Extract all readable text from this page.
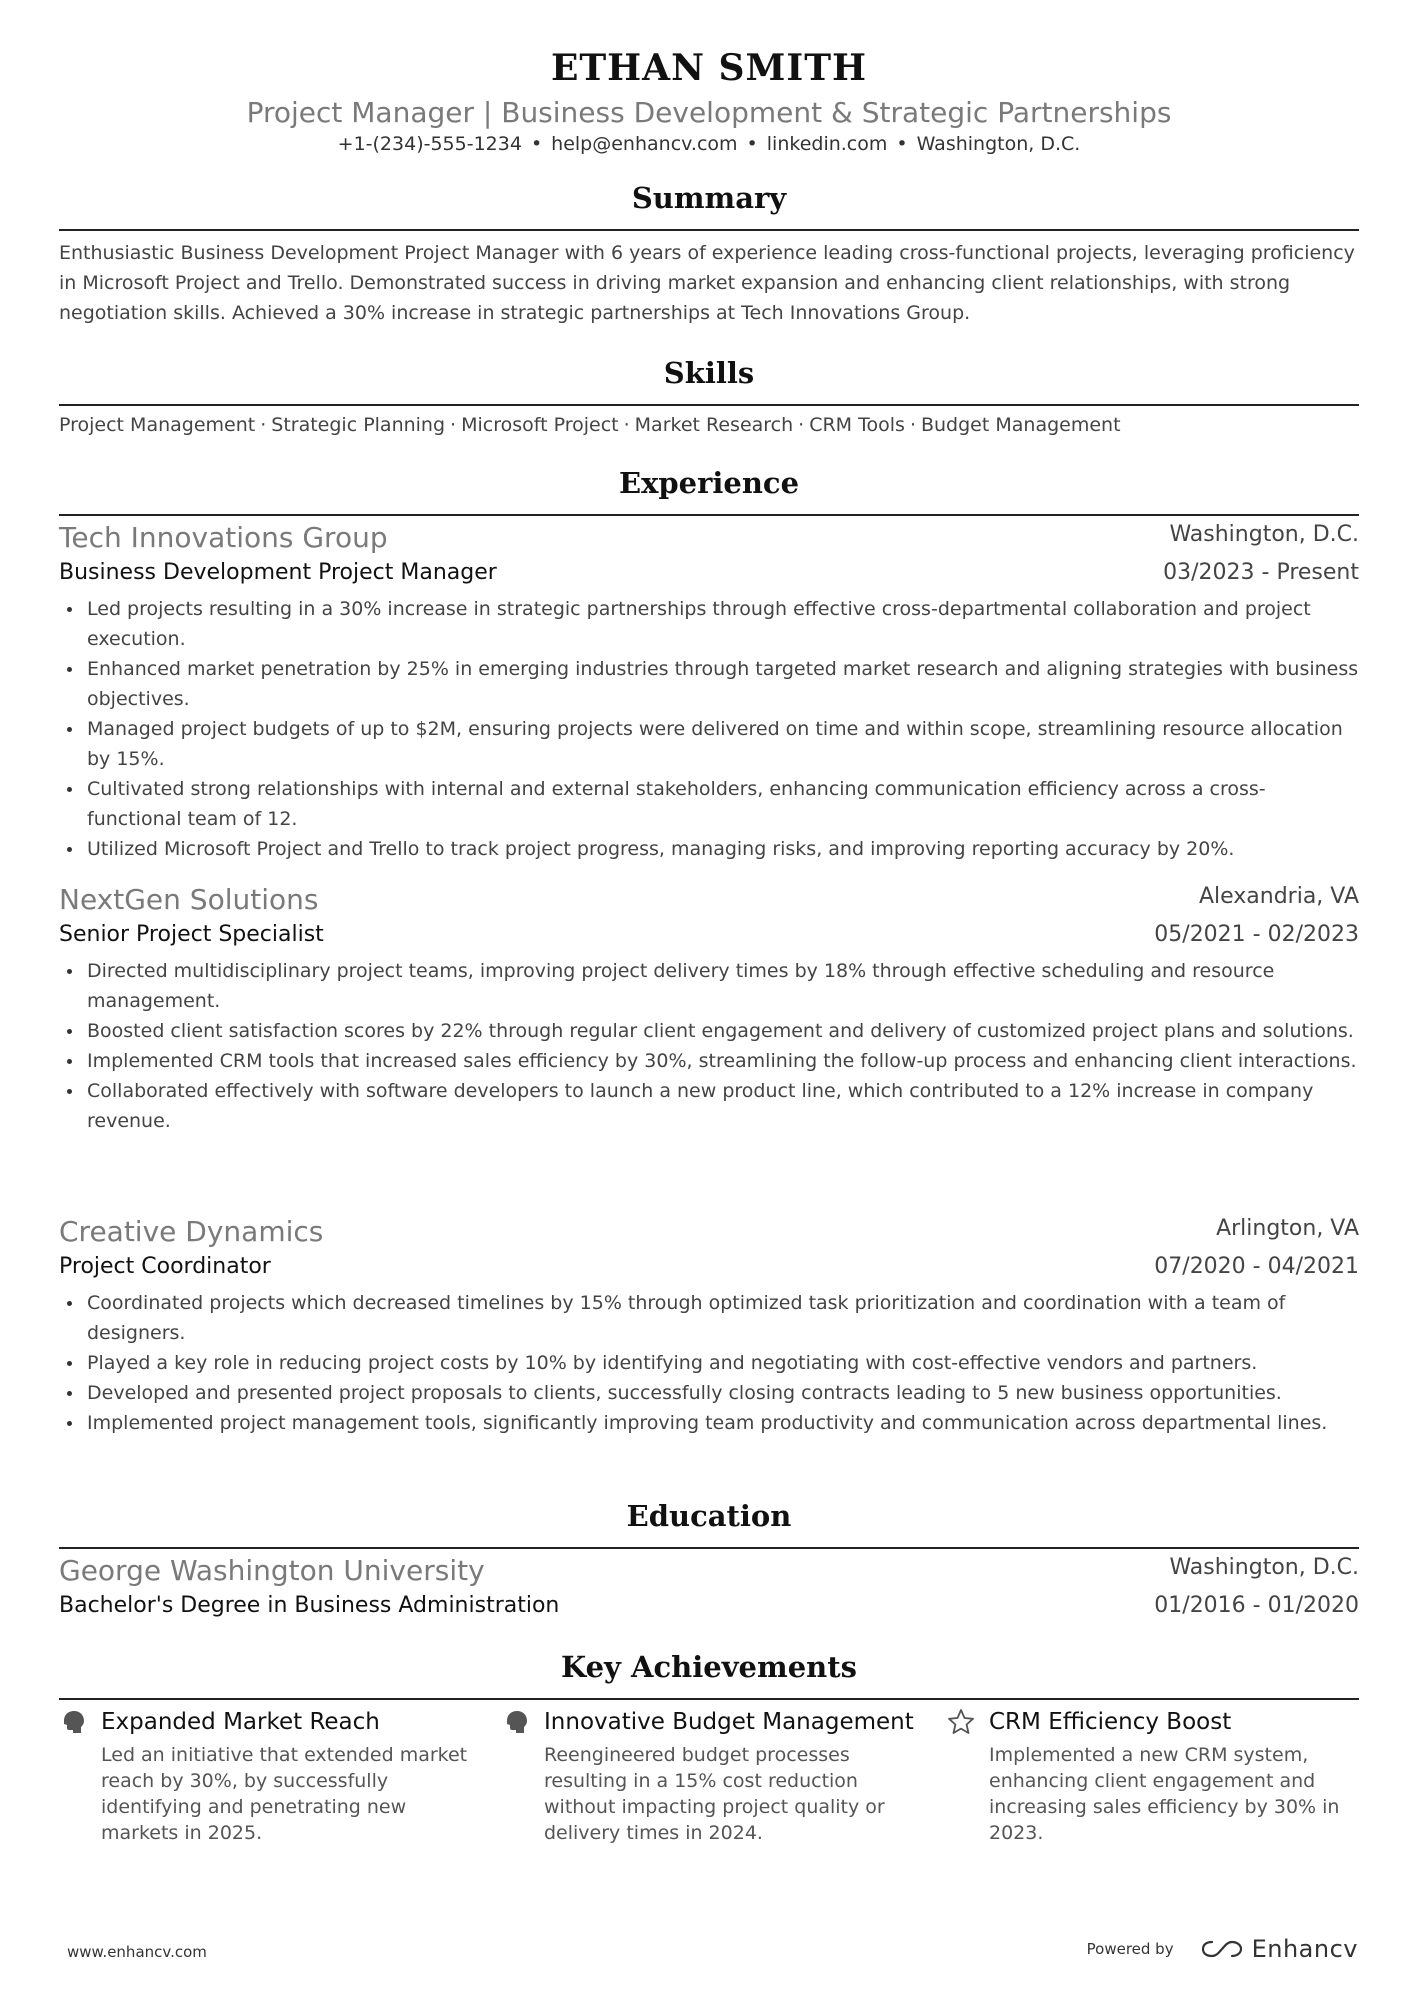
ETHAN SMITH
Project Manager | Business Development & Strategic Partnerships
+1-(234)-555-1234 • help@enhancv.com • linkedin.com • Washington, D.C.
Summary
Enthusiastic Business Development Project Manager with 6 years of experience leading cross-functional projects, leveraging proficiency in Microsoft Project and Trello. Demonstrated success in driving market expansion and enhancing client relationships, with strong negotiation skills. Achieved a 30% increase in strategic partnerships at Tech Innovations Group.
Skills
Project Management · Strategic Planning · Microsoft Project · Market Research · CRM Tools · Budget Management
Experience
Tech Innovations Group	Washington, D.C.
Business Development Project Manager	03/2023 - Present
Led projects resulting in a 30% increase in strategic partnerships through effective cross-departmental collaboration and project execution.
Enhanced market penetration by 25% in emerging industries through targeted market research and aligning strategies with business objectives.
Managed project budgets of up to $2M, ensuring projects were delivered on time and within scope, streamlining resource allocation by 15%.
Cultivated strong relationships with internal and external stakeholders, enhancing communication efficiency across a cross-functional team of 12.
Utilized Microsoft Project and Trello to track project progress, managing risks, and improving reporting accuracy by 20%.
NextGen Solutions	Alexandria, VA
Senior Project Specialist	05/2021 - 02/2023
Directed multidisciplinary project teams, improving project delivery times by 18% through effective scheduling and resource management.
Boosted client satisfaction scores by 22% through regular client engagement and delivery of customized project plans and solutions.
Implemented CRM tools that increased sales efficiency by 30%, streamlining the follow-up process and enhancing client interactions.
Collaborated effectively with software developers to launch a new product line, which contributed to a 12% increase in company revenue.
Creative Dynamics	Arlington, VA
Project Coordinator	07/2020 - 04/2021
Coordinated projects which decreased timelines by 15% through optimized task prioritization and coordination with a team of designers.
Played a key role in reducing project costs by 10% by identifying and negotiating with cost-effective vendors and partners.
Developed and presented project proposals to clients, successfully closing contracts leading to 5 new business opportunities.
Implemented project management tools, significantly improving team productivity and communication across departmental lines.
Education
George Washington University	Washington, D.C.
Bachelor's Degree in Business Administration	01/2016 - 01/2020
Key Achievements
Expanded Market Reach
Led an initiative that extended market reach by 30%, by successfully identifying and penetrating new markets in 2025.
Innovative Budget Management
Reengineered budget processes resulting in a 15% cost reduction without impacting project quality or delivery times in 2024.
CRM Efficiency Boost
Implemented a new CRM system, enhancing client engagement and increasing sales efficiency by 30% in 2023.
www.enhancv.com	Powered by	Enhancv
